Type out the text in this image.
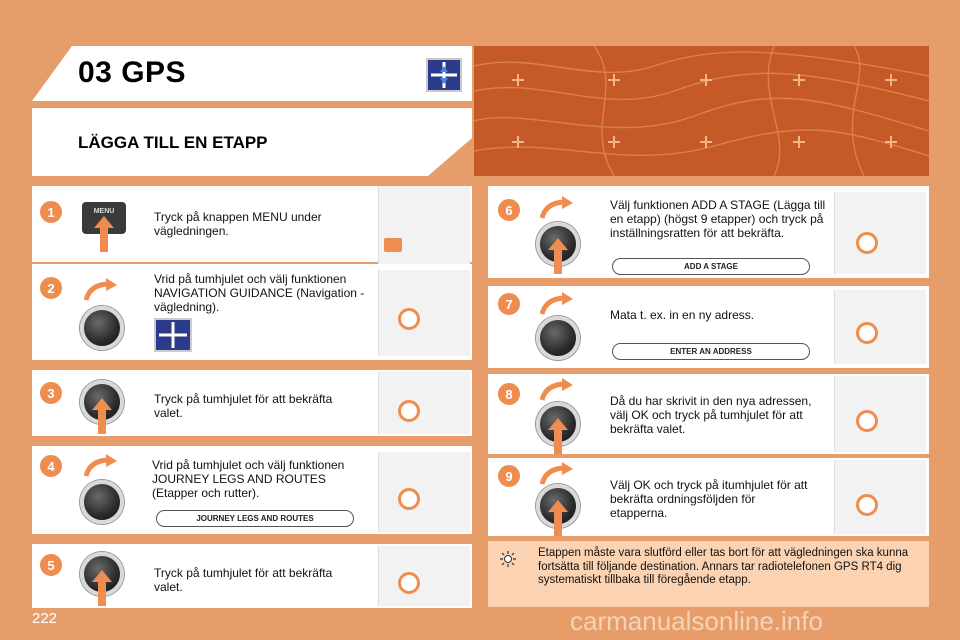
03 GPS
LÄGGA TILL EN ETAPP
1	MENU	Tryck på knappen MENU under vägledningen.
2
Vrid på tumhjulet och välj funktionen NAVIGATION GUIDANCE (Navigation - vägledning).
3	Tryck på tumhjulet för att bekräfta valet.
4	Vrid på tumhjulet och välj funktionen JOURNEY LEGS AND ROUTES (Etapper och rutter).
JOURNEY LEGS AND ROUTES
5
Tryck på tumhjulet för att bekräfta valet.
6	Välj funktionen ADD A STAGE (Lägga till en etapp) (högst 9 etapper) och tryck på inställningsratten för att bekräfta.
ADD A STAGE
7
Mata t. ex. in en ny adress.
ENTER AN ADDRESS
8	Då du har skrivit in den nya adressen, välj OK och tryck på tumhjulet för att bekräfta valet.
9
Välj OK och tryck på itumhjulet för att bekräfta ordningsföljden för etapperna.
Etappen måste vara slutförd eller tas bort för att vägledningen ska kunna fortsätta till följande destination. Annars tar radiotelefonen GPS RT4 dig systematiskt tillbaka till föregående etapp.
222	carmanualsonline.info
